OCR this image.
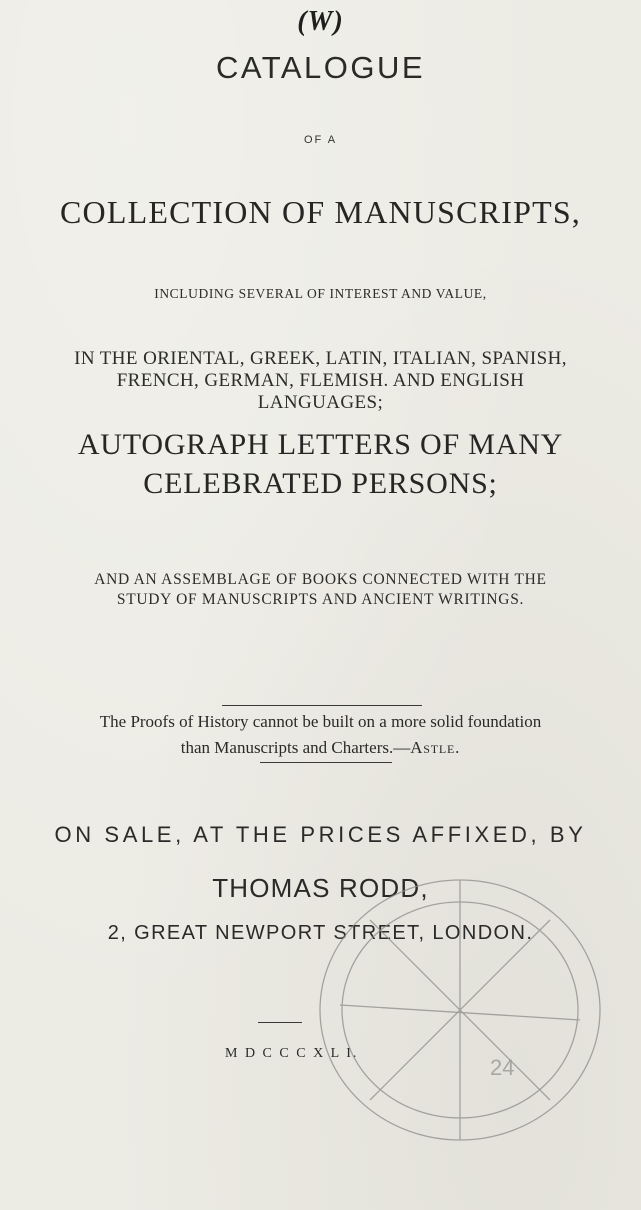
(W)
CATALOGUE
OF A
COLLECTION OF MANUSCRIPTS,
INCLUDING SEVERAL OF INTEREST AND VALUE,
IN THE ORIENTAL, GREEK, LATIN, ITALIAN, SPANISH,
FRENCH, GERMAN, FLEMISH. AND ENGLISH
LANGUAGES;
AUTOGRAPH LETTERS OF MANY
CELEBRATED PERSONS;
AND AN ASSEMBLAGE OF BOOKS CONNECTED WITH THE
STUDY OF MANUSCRIPTS AND ANCIENT WRITINGS.
The Proofs of History cannot be built on a more solid foundation
than Manuscripts and Charters.—Astle.
ON SALE, AT THE PRICES AFFIXED, BY
THOMAS RODD,
2, GREAT NEWPORT STREET, LONDON.
M D C C C X L I.
24
